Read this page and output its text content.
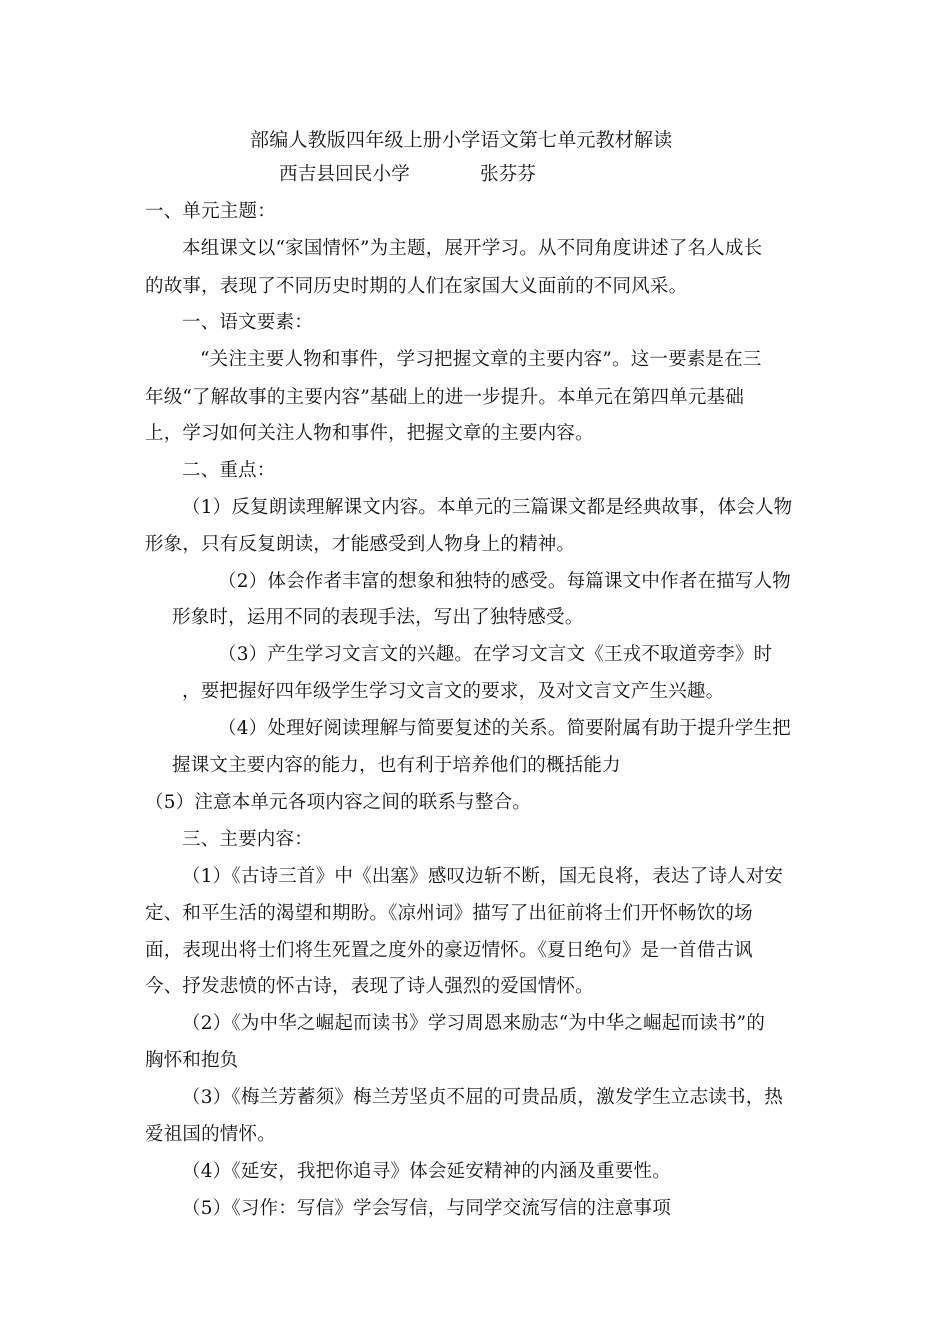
部编人教版四年级上册小学语文第七单元教材解读
西吉县回民小学	张芬芬
一、单元主题：
本组课文以“家国情怀”为主题，展开学习。从不同角度讲述了名人成长
的故事，表现了不同历史时期的人们在家国大义面前的不同风采。
一、语文要素：
“关注主要人物和事件，学习把握文章的主要内容”。这一要素是在三
年级“了解故事的主要内容”基础上的进一步提升。本单元在第四单元基础
上，学习如何关注人物和事件，把握文章的主要内容。
二、重点：
（1）反复朗读理解课文内容。本单元的三篇课文都是经典故事，体会人物
形象，只有反复朗读，才能感受到人物身上的精神。
（2）体会作者丰富的想象和独特的感受。每篇课文中作者在描写人物
形象时，运用不同的表现手法，写出了独特感受。
（3）产生学习文言文的兴趣。在学习文言文《王戎不取道旁李》时
，要把握好四年级学生学习文言文的要求，及对文言文产生兴趣。
（4）处理好阅读理解与简要复述的关系。简要附属有助于提升学生把
握课文主要内容的能力，也有利于培养他们的概括能力
（5）注意本单元各项内容之间的联系与整合。
三、主要内容：
（1）《古诗三首》中《出塞》感叹边斩不断，国无良将，表达了诗人对安
定、和平生活的渴望和期盼。《凉州词》描写了出征前将士们开怀畅饮的场
面，表现出将士们将生死置之度外的豪迈情怀。《夏日绝句》是一首借古讽
今、抒发悲愤的怀古诗，表现了诗人强烈的爱国情怀。
（2）《为中华之崛起而读书》学习周恩来励志“为中华之崛起而读书”的
胸怀和抱负
（3）《梅兰芳蓄须》梅兰芳坚贞不屈的可贵品质，激发学生立志读书，热
爱祖国的情怀。
（4）《延安，我把你追寻》体会延安精神的内涵及重要性。
（5）《习作：写信》学会写信，与同学交流写信的注意事项
